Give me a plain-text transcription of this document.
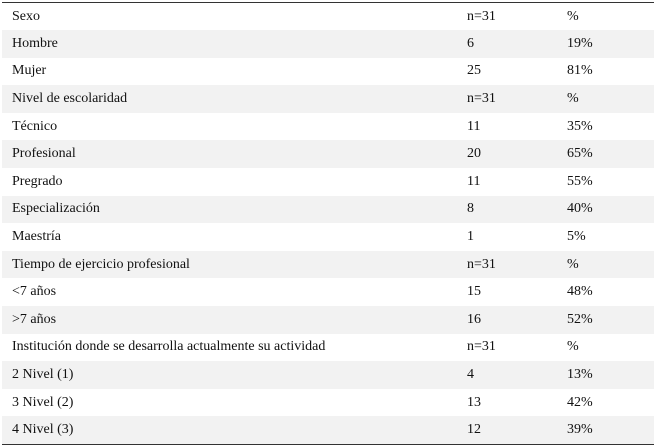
Sexo	n=31	%
Hombre	6	19%
Mujer	25	81%
Nivel de escolaridad	n=31	%
Técnico	11	35%
Profesional	20	65%
Pregrado	11	55%
Especialización	8	40%
Maestría	1	5%
Tiempo de ejercicio profesional	n=31	%
<7 años	15	48%
>7 años	16	52%
Institución donde se desarrolla actualmente su actividad	n=31	%
2 Nivel (1)	4	13%
3 Nivel (2)	13	42%
4 Nivel (3)	12	39%
